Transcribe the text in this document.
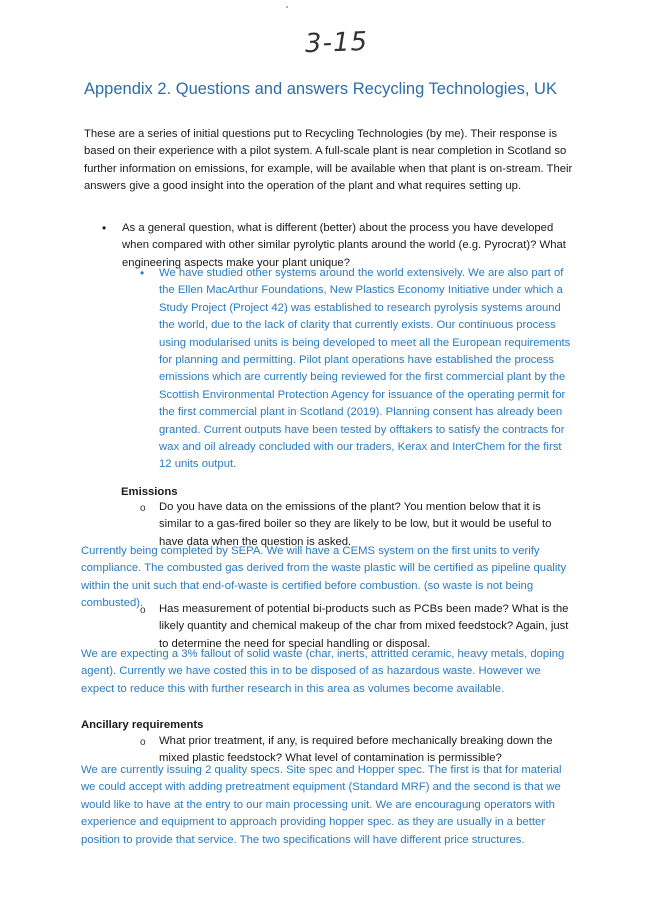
3-15
Appendix 2. Questions and answers Recycling Technologies, UK

These are a series of initial questions put to Recycling Technologies (by me). Their response is based on their experience with a pilot system. A full-scale plant is near completion in Scotland so further information on emissions, for example, will be available when that plant is on-stream. Their answers give a good insight into the operation of the plant and what requires setting up.

• As a general question, what is different (better) about the process you have developed when compared with other similar pyrolytic plants around the world (e.g. Pyrocrat)? What engineering aspects make your plant unique?

• We have studied other systems around the world extensively. We are also part of the Ellen MacArthur Foundations, New Plastics Economy Initiative under which a Study Project (Project 42) was established to research pyrolysis systems around the world, due to the lack of clarity that currently exists. Our continuous process using modularised units is being developed to meet all the European requirements for planning and permitting. Pilot plant operations have established the process emissions which are currently being reviewed for the first commercial plant by the Scottish Environmental Protection Agency for issuance of the operating permit for the first commercial plant in Scotland (2019). Planning consent has already been granted. Current outputs have been tested by offtakers to satisfy the contracts for wax and oil already concluded with our traders, Kerax and InterChem for the first 12 units output.

Emissions
o Do you have data on the emissions of the plant? You mention below that it is similar to a gas-fired boiler so they are likely to be low, but it would be useful to have data when the question is asked.

Currently being completed by SEPA. We will have a CEMS system on the first units to verify compliance. The combusted gas derived from the waste plastic will be certified as pipeline quality within the unit such that end-of-waste is certified before combustion. (so waste is not being combusted).

o Has measurement of potential bi-products such as PCBs been made? What is the likely quantity and chemical makeup of the char from mixed feedstock? Again, just to determine the need for special handling or disposal.

We are expecting a 3% fallout of solid waste (char, inerts, attritted ceramic, heavy metals, doping agent). Currently we have costed this in to be disposed of as hazardous waste. However we expect to reduce this with further research in this area as volumes become available.

Ancillary requirements
o What prior treatment, if any, is required before mechanically breaking down the mixed plastic feedstock? What level of contamination is permissible?

We are currently issuing 2 quality specs. Site spec and Hopper spec. The first is that for material we could accept with adding pretreatment equipment (Standard MRF) and the second is that we would like to have at the entry to our main processing unit. We are encouragung operators with experience and equipment to approach providing hopper spec. as they are usually in a better position to provide that service. The two specifications will have different price structures.
